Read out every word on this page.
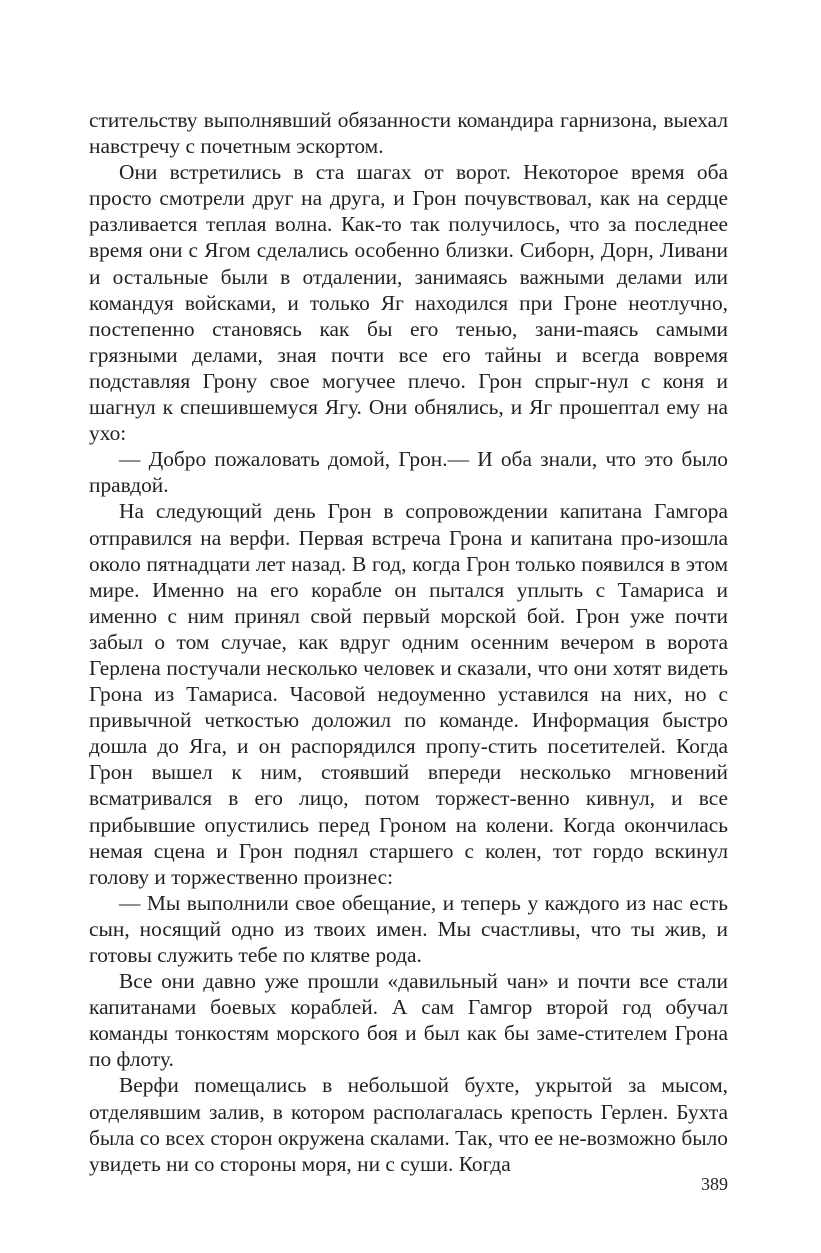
стительству выполнявший обязанности командира гарнизона, выехал навстречу с почетным эскортом.

Они встретились в ста шагах от ворот. Некоторое время оба просто смотрели друг на друга, и Грон почувствовал, как на сердце разливается теплая волна. Как-то так получилось, что за последнее время они с Ягом сделались особенно близки. Сиборн, Дорн, Ливани и остальные были в отдалении, занимаясь важными делами или командуя войсками, и только Яг находился при Гроне неотлучно, постепенно становясь как бы его тенью, зани-mаясь самыми грязными делами, зная почти все его тайны и всегда вовремя подставляя Грону свое могучее плечо. Грон спрыг-нул с коня и шагнул к спешившемуся Ягу. Они обнялись, и Яг прошептал ему на ухо:

— Добро пожаловать домой, Грон.— И оба знали, что это было правдой.

На следующий день Грон в сопровождении капитана Гамгора отправился на верфи. Первая встреча Грона и капитана про-изошла около пятнадцати лет назад. В год, когда Грон только появился в этом мире. Именно на его корабле он пытался уплыть с Тамариса и именно с ним принял свой первый морской бой. Грон уже почти забыл о том случае, как вдруг одним осенним вечером в ворота Герлена постучали несколько человек и сказали, что они хотят видеть Грона из Тамариса. Часовой недоуменно уставился на них, но с привычной четкостью доложил по команде. Информация быстро дошла до Яга, и он распорядился пропу-стить посетителей. Когда Грон вышел к ним, стоявший впереди несколько мгновений всматривался в его лицо, потом торжест-венно кивнул, и все прибывшие опустились перед Гроном на колени. Когда окончилась немая сцена и Грон поднял старшего с колен, тот гордо вскинул голову и торжественно произнес:

— Мы выполнили свое обещание, и теперь у каждого из нас есть сын, носящий одно из твоих имен. Мы счастливы, что ты жив, и готовы служить тебе по клятве рода.

Все они давно уже прошли «давильный чан» и почти все стали капитанами боевых кораблей. А сам Гамгор второй год обучал команды тонкостям морского боя и был как бы заме-стителем Грона по флоту.

Верфи помещались в небольшой бухте, укрытой за мысом, отделявшим залив, в котором располагалась крепость Герлен. Бухта была со всех сторон окружена скалами. Так, что ее не-возможно было увидеть ни со стороны моря, ни с суши. Когда

389
